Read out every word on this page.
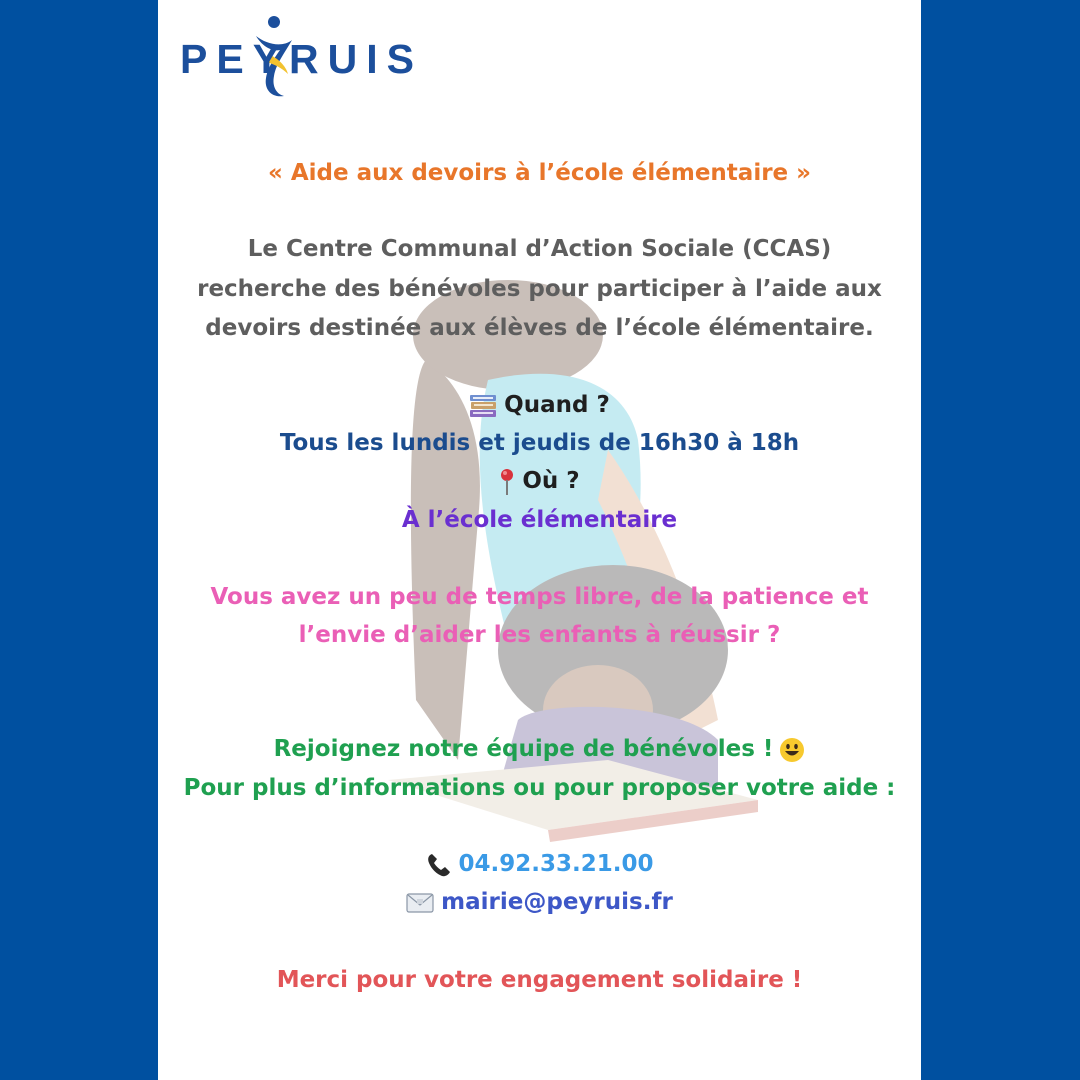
PEYRUIS
« Aide aux devoirs à l’école élémentaire »
Le Centre Communal d’Action Sociale (CCAS)
recherche des bénévoles pour participer à l’aide aux
devoirs destinée aux élèves de l’école élémentaire.
Quand ?
Tous les lundis et jeudis de 16h30 à 18h
Où ?
À l’école élémentaire
Vous avez un peu de temps libre, de la patience et
l’envie d’aider les enfants à réussir ?
Rejoignez notre équipe de bénévoles !
Pour plus d’informations ou pour proposer votre aide :
04.92.33.21.00
mairie@peyruis.fr
Merci pour votre engagement solidaire !
